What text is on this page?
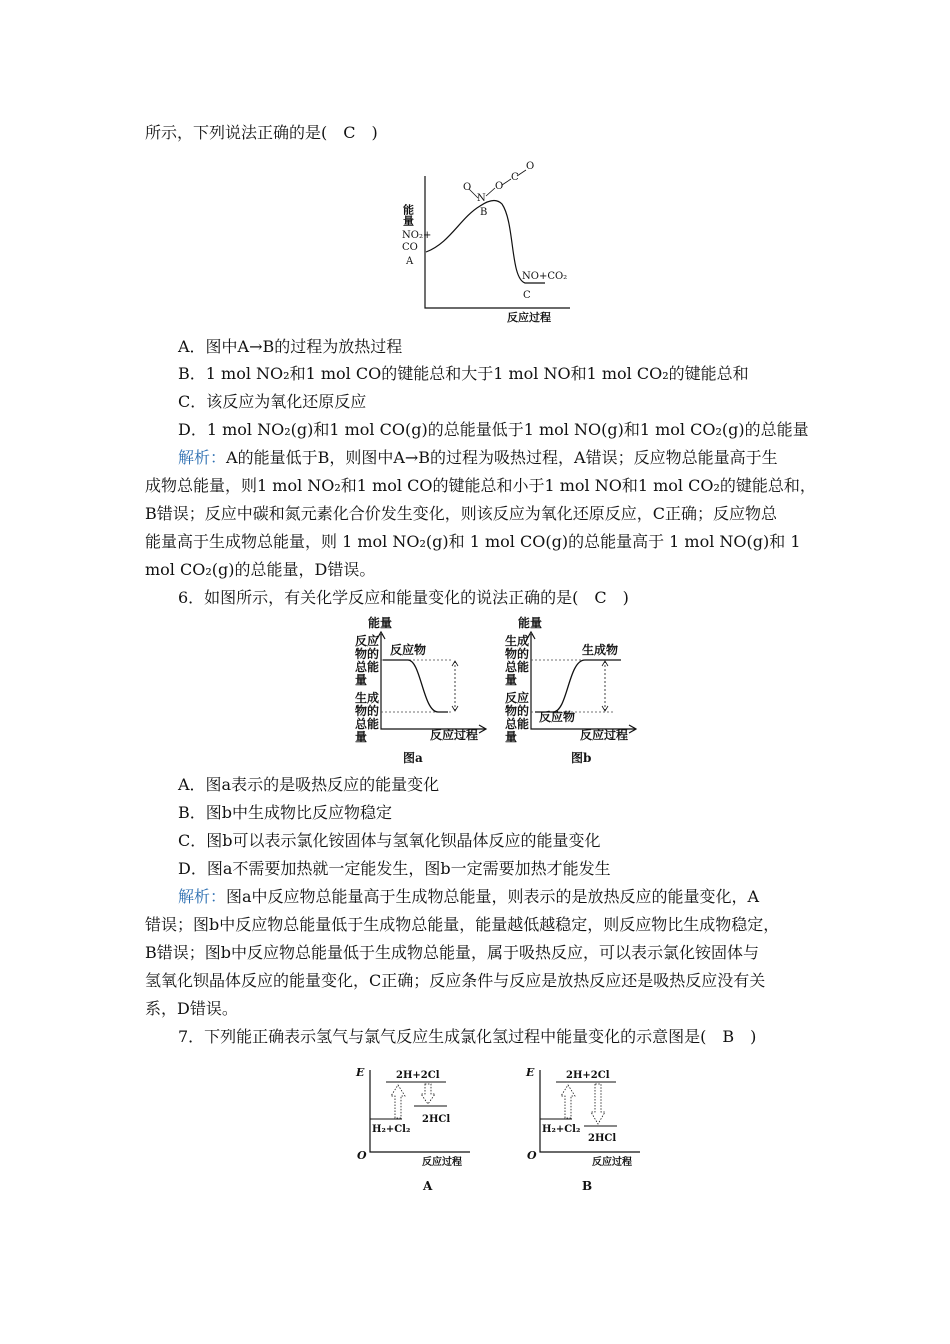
所示，下列说法正确的是(　C　)
能量
NO₂+
CO
A
B
NO+CO₂
C
O
N
O
C
O
反应过程
A．图中A→B的过程为放热过程
B．1 mol NO₂和1 mol CO的键能总和大于1 mol NO和1 mol CO₂的键能总和
C．该反应为氧化还原反应
D．1 mol NO₂(g)和1 mol CO(g)的总能量低于1 mol NO(g)和1 mol CO₂(g)的总能量
解析：A的能量低于B，则图中A→B的过程为吸热过程，A错误；反应物总能量高于生
成物总能量，则1 mol NO₂和1 mol CO的键能总和小于1 mol NO和1 mol CO₂的键能总和，
B错误；反应中碳和氮元素化合价发生变化，则该反应为氧化还原反应，C正确；反应物总
能量高于生成物总能量，则 1 mol NO₂(g)和 1 mol CO(g)的总能量高于 1 mol NO(g)和 1
mol CO₂(g)的总能量，D错误。
6．如图所示，有关化学反应和能量变化的说法正确的是(　C　)
能量
反应
物的
总能
量
生成
物的
总能
量
反应物
反应过程
图a
能量
生成
物的
总能
量
反应
物的
总能
量
生成物
反应物
反应过程
图b
A．图a表示的是吸热反应的能量变化
B．图b中生成物比反应物稳定
C．图b可以表示氯化铵固体与氢氧化钡晶体反应的能量变化
D．图a不需要加热就一定能发生，图b一定需要加热才能发生
解析：图a中反应物总能量高于生成物总能量，则表示的是放热反应的能量变化，A
错误；图b中反应物总能量低于生成物总能量，能量越低越稳定，则反应物比生成物稳定，
B错误；图b中反应物总能量低于生成物总能量，属于吸热反应，可以表示氯化铵固体与
氢氧化钡晶体反应的能量变化，C正确；反应条件与反应是放热反应还是吸热反应没有关
系，D错误。
7．下列能正确表示氢气与氯气反应生成氯化氢过程中能量变化的示意图是(　B　)
E
O
2H+2Cl
H₂+Cl₂
2HCl
反应过程
A
E
O
2H+2Cl
H₂+Cl₂
2HCl
反应过程
B
